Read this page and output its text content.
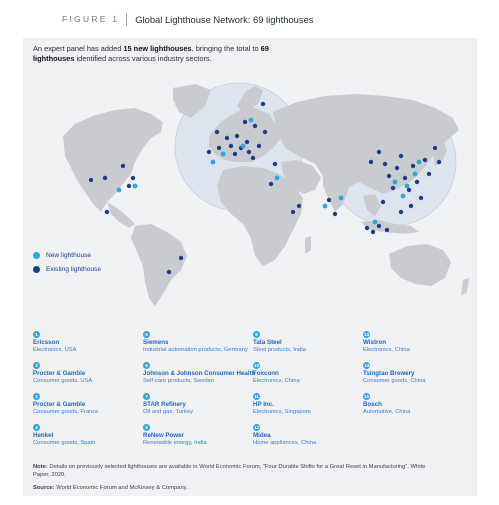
FIGURE 1 Global Lighthouse Network: 69 lighthouses
An expert panel has added 15 new lighthouses, bringing the total to 69 lighthouses identified across various industry sectors.
New lighthouse
Existing lighthouse
1
Ericsson
Electronics, USA
2
Procter & Gamble
Consumer goods, USA
3
Procter & Gamble
Consumer goods, France
4
Henkel
Consumer goods, Spain
5
Siemens
Industrial automation products, Germany
6
Johnson & Johnson Consumer Health
Self-care products, Sweden
7
STAR Refinery
Oil and gas, Turkey
8
ReNew Power
Renewable energy, India
9
Tata Steel
Steel products, India
10
Foxconn
Electronics, China
11
HP Inc.
Electronics, Singapore
12
Midea
Home appliances, China
13
Wistron
Electronics, China
14
Tsingtao Brewery
Consumer goods, China
15
Bosch
Automotive, China
Note: Details on previously selected lighthouses are available in World Economic Forum, “Four Durable Shifts for a Great Reset in Manufacturing”, White Paper, 2020.
Source: World Economic Forum and McKinsey & Company.
